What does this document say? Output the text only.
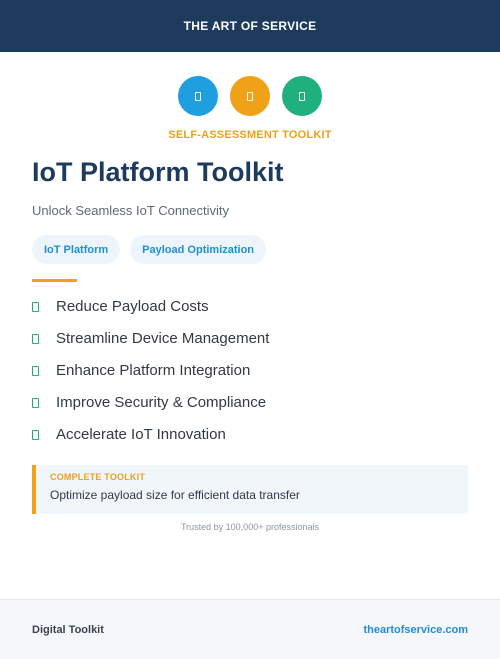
THE ART OF SERVICE
SELF-ASSESSMENT TOOLKIT
IoT Platform Toolkit
Unlock Seamless IoT Connectivity
IoT Platform	Payload Optimization
Reduce Payload Costs
Streamline Device Management
Enhance Platform Integration
Improve Security & Compliance
Accelerate IoT Innovation
COMPLETE TOOLKIT
Optimize payload size for efficient data transfer
Trusted by 100,000+ professionals
Digital Toolkit	theartofservice.com
